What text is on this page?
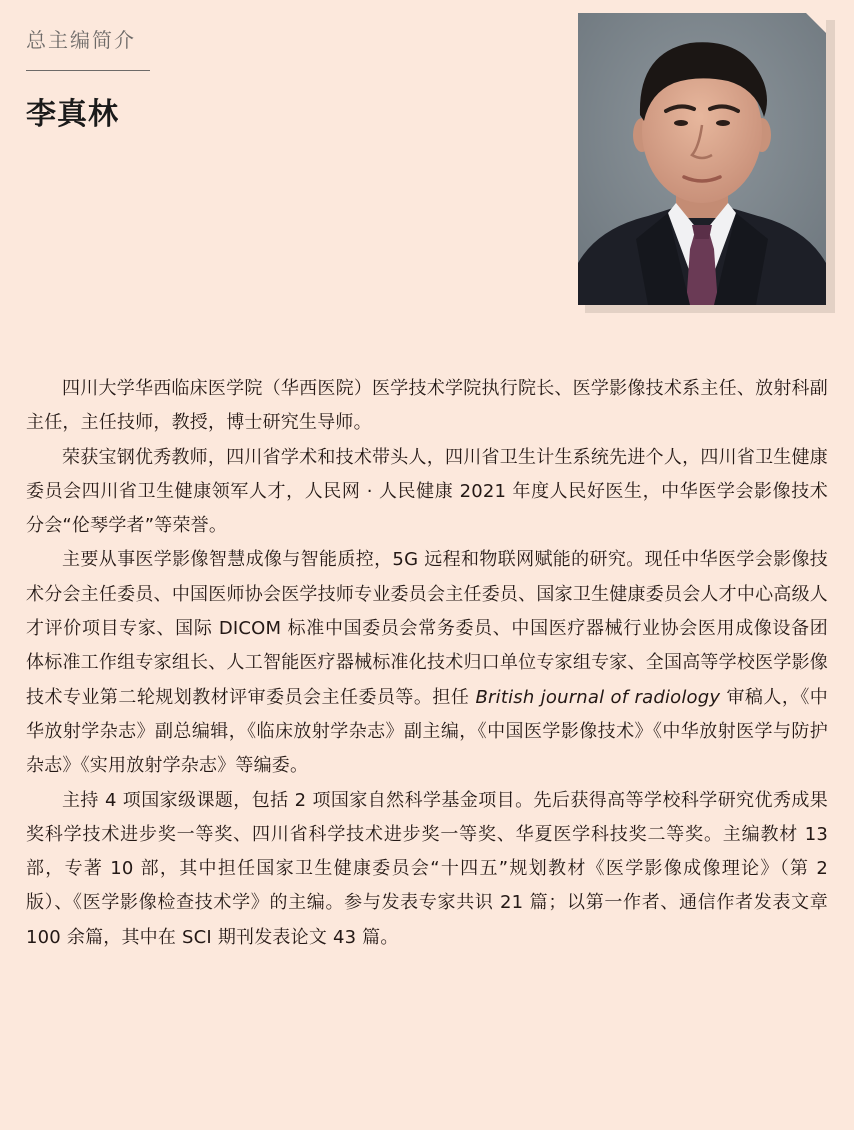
总主编简介
李真林

四川大学华西临床医学院（华西医院）医学技术学院执行院长、医学影像技术系主任、放射科副主任，主任技师，教授，博士研究生导师。

荣获宝钢优秀教师，四川省学术和技术带头人，四川省卫生计生系统先进个人，四川省卫生健康委员会四川省卫生健康领军人才，人民网 · 人民健康 2021 年度人民好医生，中华医学会影像技术分会“伦琴学者”等荣誉。

主要从事医学影像智慧成像与智能质控，5G 远程和物联网赋能的研究。现任中华医学会影像技术分会主任委员、中国医师协会医学技师专业委员会主任委员、国家卫生健康委员会人才中心高级人才评价项目专家、国际 DICOM 标准中国委员会常务委员、中国医疗器械行业协会医用成像设备团体标准工作组专家组长、人工智能医疗器械标准化技术归口单位专家组专家、全国高等学校医学影像技术专业第二轮规划教材评审委员会主任委员等。担任 British journal of radiology 审稿人，《中华放射学杂志》副总编辑，《临床放射学杂志》副主编，《中国医学影像技术》《中华放射医学与防护杂志》《实用放射学杂志》等编委。

主持 4 项国家级课题，包括 2 项国家自然科学基金项目。先后获得高等学校科学研究优秀成果奖科学技术进步奖一等奖、四川省科学技术进步奖一等奖、华夏医学科技奖二等奖。主编教材 13 部，专著 10 部，其中担任国家卫生健康委员会“十四五”规划教材《医学影像成像理论》（第 2 版）、《医学影像检查技术学》的主编。参与发表专家共识 21 篇；以第一作者、通信作者发表文章 100 余篇，其中在 SCI 期刊发表论文 43 篇。
